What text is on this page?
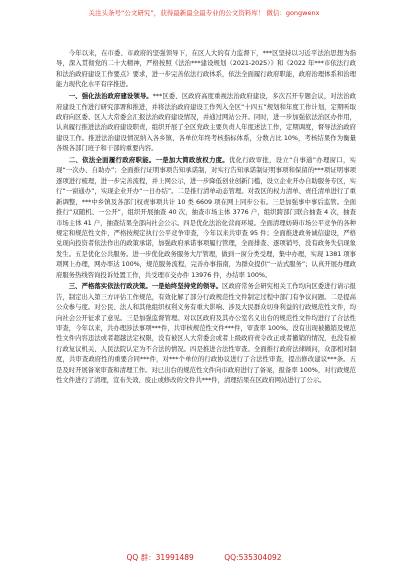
关注头条号“公文研究”，获得最新最全最专业的公文资料库！ 微信：gongwenx

今年以来，在市委、市政府的坚强领导下，在区人大的有力监督下，***区坚持以习近平法治思想为指导，深入贯彻党的二十大精神，严格按照《法治***建设规划（2021-2025）》和《2022 年***市依法行政和法治政府建设工作要点》要求，进一步完善依法行政体系，依法全面履行政府职能，政府治理体系和治理能力现代化水平有序推进。

一、强化法治政府建设领导。***区委、区政府高度重视法治政府建设，多次召开专题会议，对法治政府建设工作进行研究部署和推进，并将法治政府建设工作列入全区“十四五”规划和年度工作计划，定期听取政府向区委、区人大常委会汇报法治政府建设情况，并通过网站公开。同时，进一步加强依法治区办作用，认真履行推进法治政府建设职责，组织开展了全区党政主要负责人年度述法工作，定期调度，督导法治政府建设工作。推进法治建设情况纳入各乡镇、各单位年终考核指标体系，分数占比 10%，考核结果作为衡量各级各部门班子和干部的重要内容。

二、依法全面履行政府职能。一是加大简政放权力度。优化行政审批，设立“自事通”办理窗口，实现“一次办、自助办”；全面推行证明事项告知承诺制，对实行告知承诺制证明事项和保留的***项证明事项逐项进行梳理，进一步完善流程，并上网公示，进一步降低创业创新门槛，设立企业开办自助服务专区，实行“一窗通办”，实现企业开办“一日办结”。二是推行清单动态管理。对我区的权力清单、责任清单进行了重新调整，***中乡镇及各部门权责事项共计 10 类 6609 项在网上同步公布。三是加强事中事后监管。全面推行“双随机、一公开”，组织开展抽查 40 次，抽查市场主体 3776 户，组织跨部门联合抽查 4 次，抽查市场主体 41 户，抽查结果全部向社会公示。四是优化法治化营商环境。全面清理妨碍市场公平竞争的各种规定和规范性文件，严格按规定执行公平竞争审查，今年以来共审查 95 件；全面推进政务诚信建设，严格兑现向投资者依法作出的政策承诺，加强政府承诺事项履行管理，全面排查、逐项销号，没有政务失信现象发生。五是优化公共服务。进一步优化政务服务大厅管理，做到一窗分类受理，集中办理，实现 1381 项事项网上办理，网办率达 100%，规范服务流程，完善办事指南，为群众提供“一站式服务”；认真开展办理政府服务热线咨询投诉处置工作，共受理市交办件 13976 件，办结率 100%。

三、严格落实依法行政决策。一是始终坚持党的领导。区政府常务会研究相关工作均向区委进行请示报告，制定出入第三方评估工作规范，有效化解了部分行政规范性文件制定过程中部门有争议问题。二是提高公众参与度。对公民、法人和其他组织权利义务有重大影响、涉及大民群众切身利益的行政规范性文件，均向社会公开征求了意见。三是加强监督管理。对以区政府及其办公室名义出台的规范性文件均进行了合法性审查，今年以来，共办理涉法事项***件，共审核规范性文件***件，审查率 100%。没有出现被撤销及规范性文件内容违法或者超越法定权限，没有被区人大常委会或者上级政府责令改正或者撤销的情况，也没有被行政复议机关、人民法院认定为不合法的情况。四是推进合法性审查。全面推行政府法律顾问，众部相对制度，共审查政府性的重要合同***件，对***个单位的行政协议进行了合法性审查，提出修改建议***条。五是及时开展备案审查和清理工作。对已出台的规范性文件向市政府进行了备案，报备率 100%，对行政规范性文件进行了清理，宣布失效、废止或修改的文件共***件，清理结果在区政府网站进行了公示。

QQ 群：31991489	QQ:535304092
